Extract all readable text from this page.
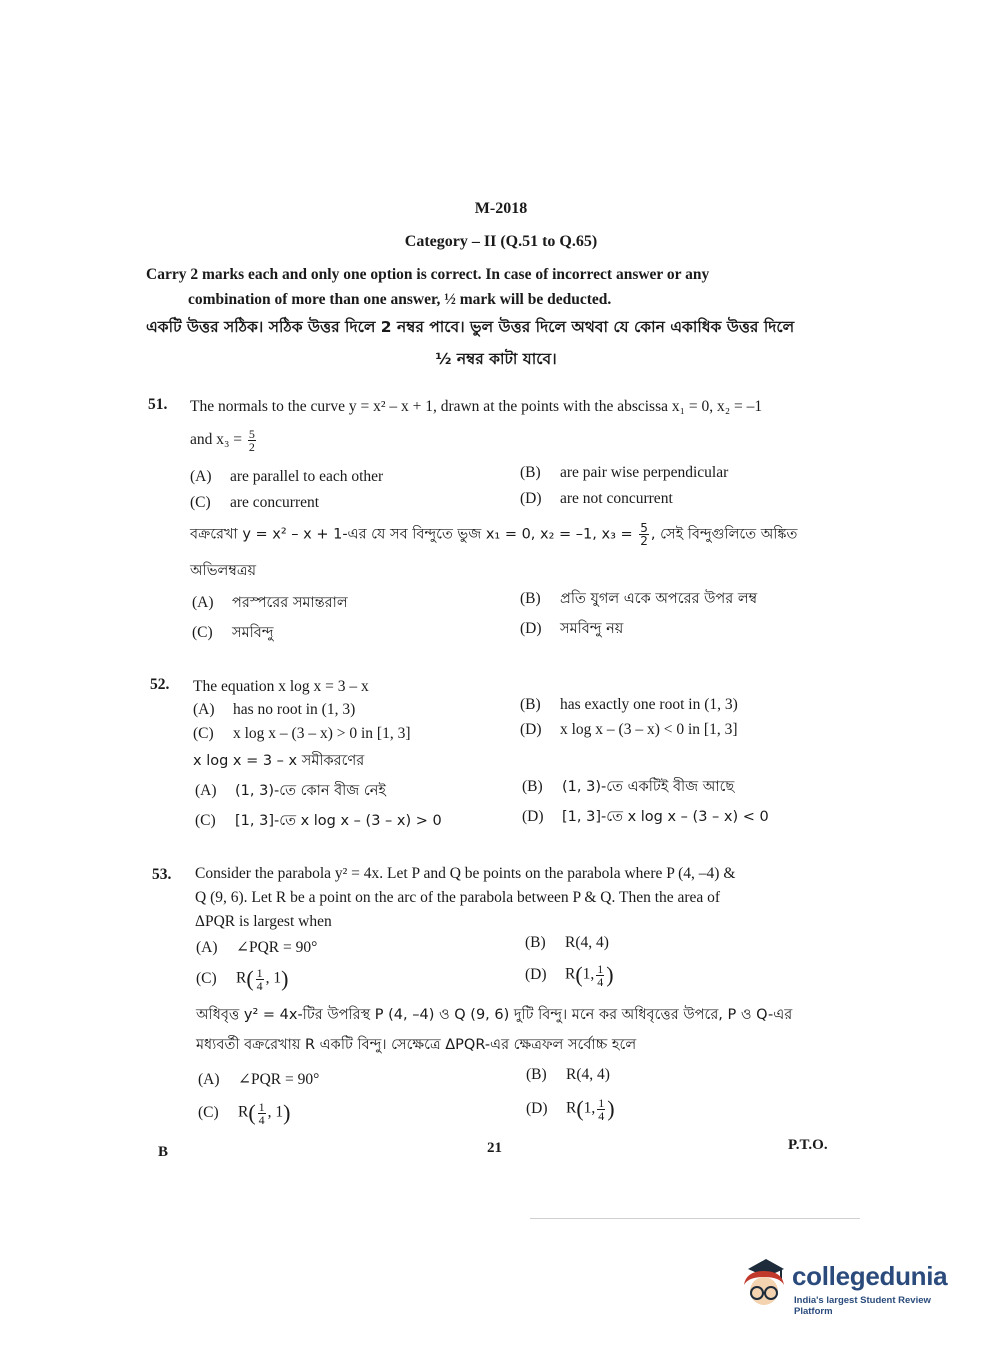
M-2018
Category – II (Q.51 to Q.65)
Carry 2 marks each and only one option is correct. In case of incorrect answer or any
combination of more than one answer, ½ mark will be deducted.
একটি উত্তর সঠিক। সঠিক উত্তর দিলে 2 নম্বর পাবে। ভুল উত্তর দিলে অথবা যে কোন একাধিক উত্তর দিলে
½ নম্বর কাটা যাবে।
51. The normals to the curve y = x² – x + 1, drawn at the points with the abscissa x₁ = 0, x₂ = –1
and $x_3 = \frac{5}{2}$
(A) are parallel to each other	(B) are pair wise perpendicular
(C) are concurrent	(D) are not concurrent
বক্ররেখা y = x² – x + 1-এর যে সব বিন্দুতে ভুজ x₁ = 0, x₂ = –1, $x_3 = \frac{5}{2}$ , সেই বিন্দুগুলিতে অঙ্কিত
অভিলম্বত্রয়
(A) পরস্পরের সমান্তরাল	(B) প্রতি যুগল একে অপরের উপর লম্ব
(C) সমবিন্দু	(D) সমবিন্দু নয়
52. The equation x log x = 3 – x
(A) has no root in (1, 3)	(B) has exactly one root in (1, 3)
(C) x log x – (3 – x) > 0 in [1, 3]	(D) x log x – (3 – x) < 0 in [1, 3]
x log x = 3 – x সমীকরণের
(A) (1, 3)-তে কোন বীজ নেই	(B) (1, 3)-তে একটিই বীজ আছে
(C) [1, 3]-তে x log x – (3 – x) > 0	(D) [1, 3]-তে x log x – (3 – x) < 0
53. Consider the parabola y² = 4x. Let P and Q be points on the parabola where P (4, –4) &
Q (9, 6). Let R be a point on the arc of the parabola between P & Q. Then the area of
ΔPQR is largest when
(A) ∠PQR = 90°	(B) R(4, 4)
(C) $R( \frac{1}{4}$ , 1)	(D) R(1, $\frac{1}{4}$ )
অধিবৃত্ত y² = 4x-টির উপরিস্থ P (4, –4) ও Q (9, 6) দুটি বিন্দু। মনে কর অধিবৃত্তের উপরে, P ও Q-এর
মধ্যবর্তী বক্ররেখায় R একটি বিন্দু। সেক্ষেত্রে ΔPQR-এর ক্ষেত্রফল সর্বোচ্চ হলে
(A) ∠PQR = 90°	(B) R(4, 4)
(C) $R( \frac{1}{4}$ , 1)	(D) R(1, $\frac{1}{4}$ )
B	21	P.T.O.
collegedunia
India's largest Student Review Platform
